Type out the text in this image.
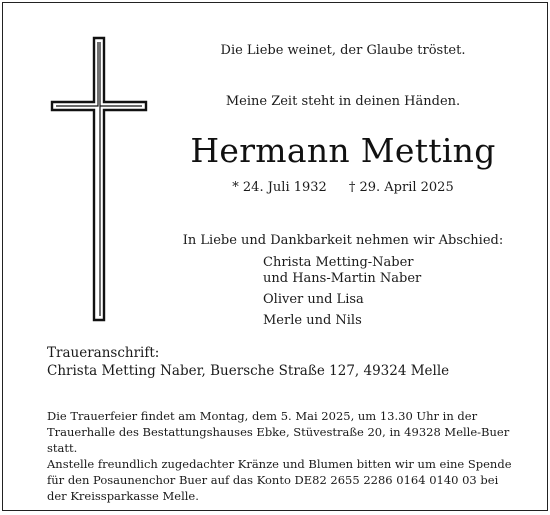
Die Liebe weinet, der Glaube tröstet.
Meine Zeit steht in deinen Händen.
Hermann Metting
* 24. Juli 1932 † 29. April 2025
In Liebe und Dankbarkeit nehmen wir Abschied:
Christa Metting-Naber
und Hans-Martin Naber
Oliver und Lisa
Merle und Nils
Traueranschrift:
Christa Metting Naber, Buersche Straße 127, 49324 Melle

Die Trauerfeier findet am Montag, dem 5. Mai 2025, um 13.30 Uhr in der Trauerhalle des Bestattungshauses Ebke, Stüvestraße 20, in 49328 Melle-Buer statt.

Anstelle freundlich zugedachter Kränze und Blumen bitten wir um eine Spende für den Posaunenchor Buer auf das Konto DE82 2655 2286 0164 0140 03 bei der Kreissparkasse Melle.
